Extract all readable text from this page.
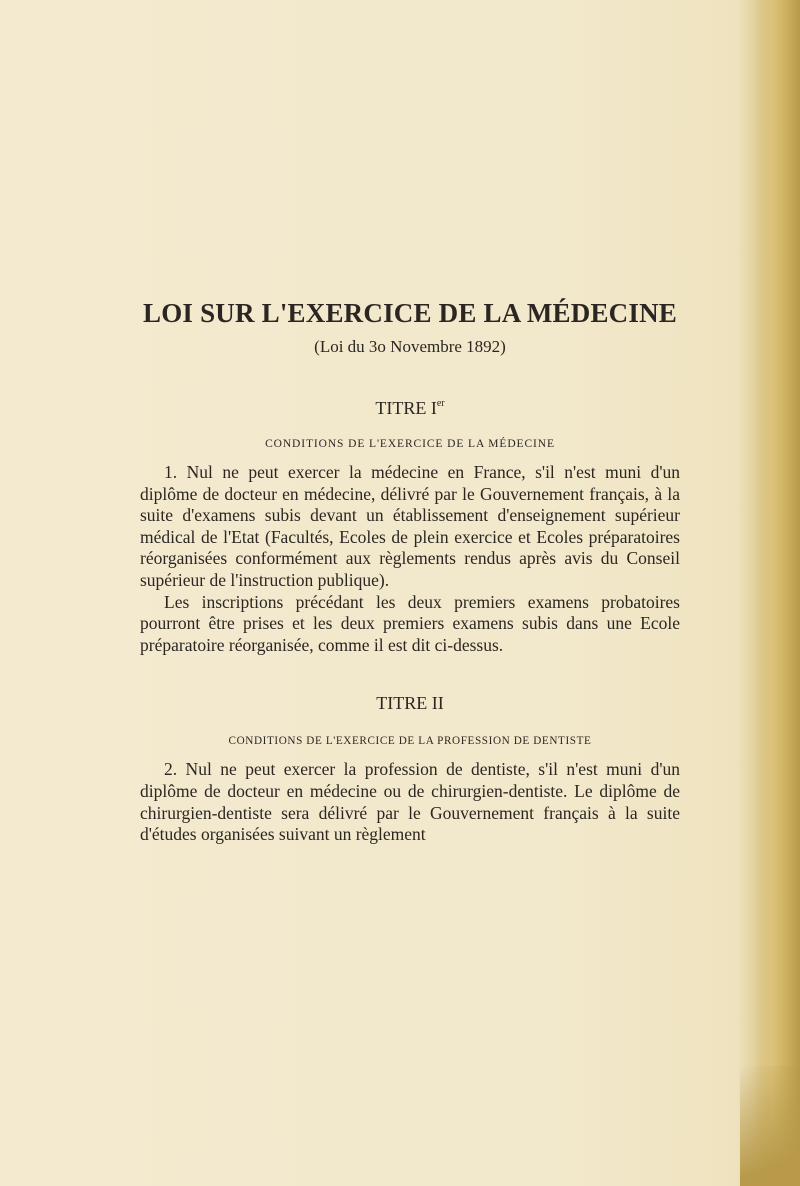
LOI SUR L'EXERCICE DE LA MÉDECINE

(Loi du 3o Novembre 1892)

TITRE Ier

CONDITIONS DE L'EXERCICE DE LA MÉDECINE

1. Nul ne peut exercer la médecine en France, s'il n'est muni d'un diplôme de docteur en médecine, délivré par le Gouvernement français, à la suite d'examens subis devant un établissement d'enseignement supérieur médical de l'Etat (Facultés, Ecoles de plein exercice et Ecoles préparatoires réorganisées conformément aux règlements rendus après avis du Conseil supérieur de l'instruction publique).

Les inscriptions précédant les deux premiers examens probatoires pourront être prises et les deux premiers examens subis dans une Ecole préparatoire réorganisée, comme il est dit ci-dessus.

TITRE II

CONDITIONS DE L'EXERCICE DE LA PROFESSION DE DENTISTE

2. Nul ne peut exercer la profession de dentiste, s'il n'est muni d'un diplôme de docteur en médecine ou de chirurgien-dentiste. Le diplôme de chirurgien-dentiste sera délivré par le Gouvernement français à la suite d'études organisées suivant un règlement
